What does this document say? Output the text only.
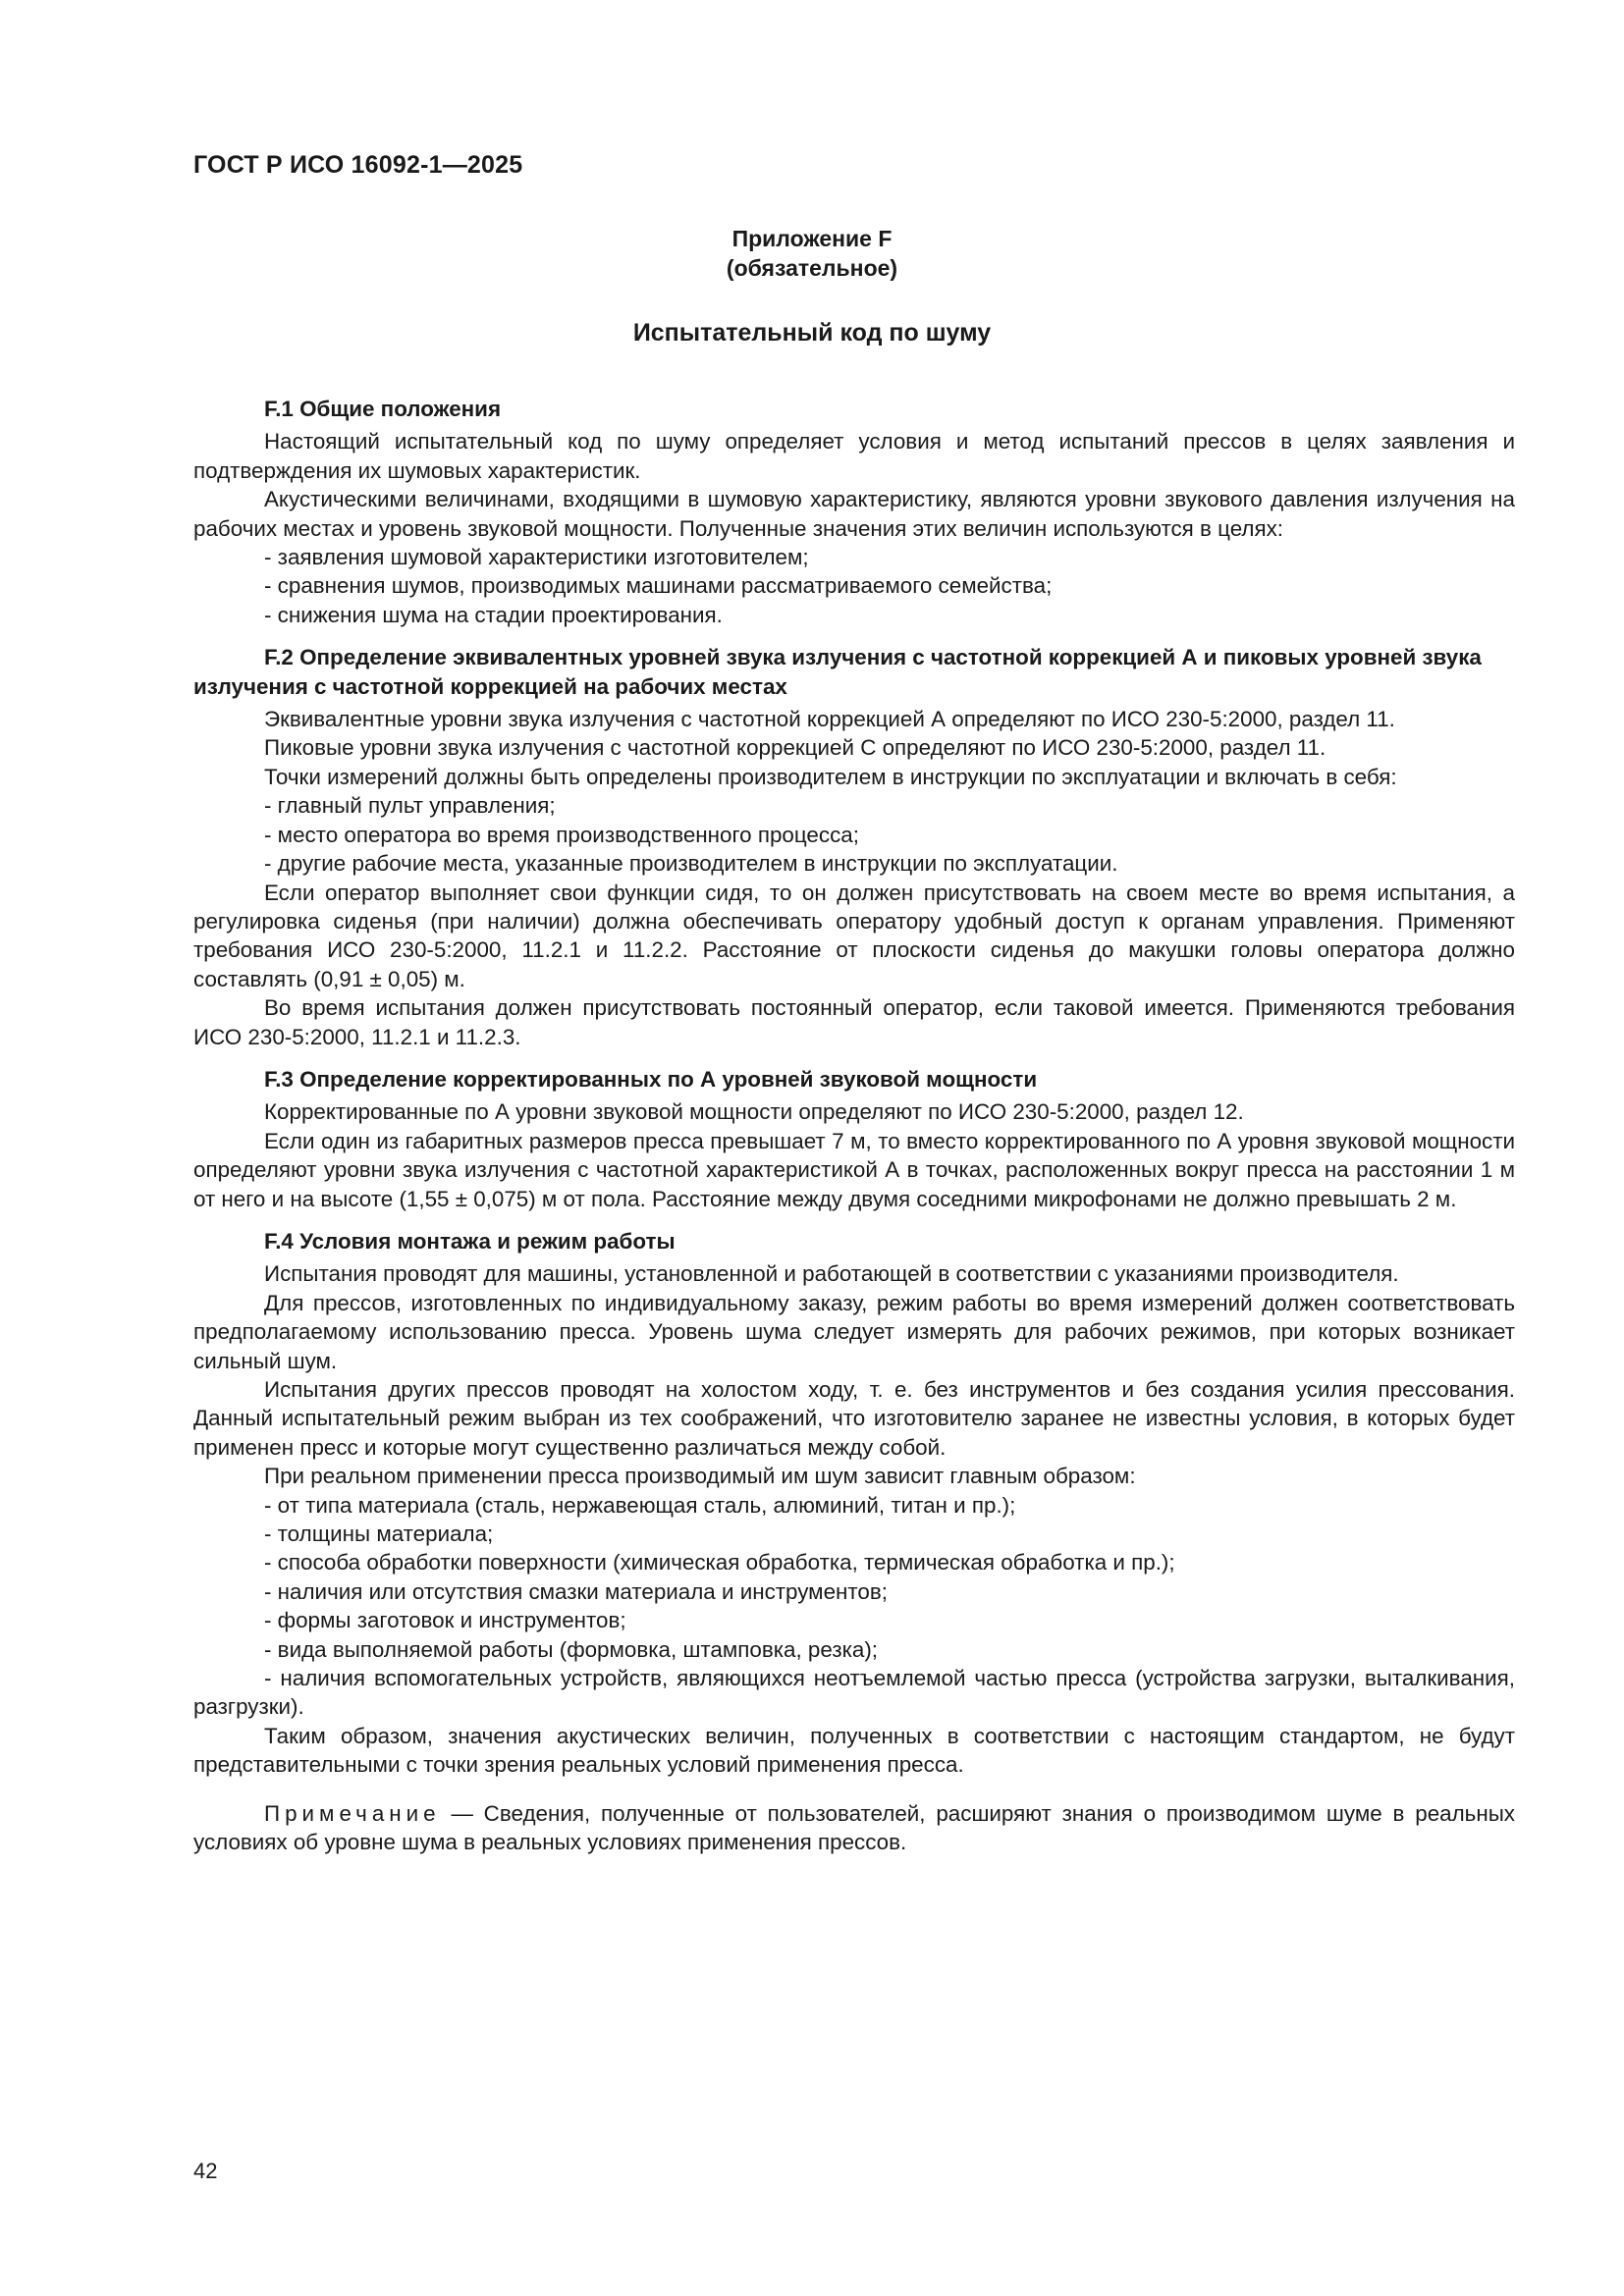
ГОСТ Р ИСО 16092-1—2025
Приложение F
(обязательное)
Испытательный код по шуму
F.1 Общие положения

Настоящий испытательный код по шуму определяет условия и метод испытаний прессов в целях заявления и подтверждения их шумовых характеристик.

Акустическими величинами, входящими в шумовую характеристику, являются уровни звукового давления излучения на рабочих местах и уровень звуковой мощности. Полученные значения этих величин используются в целях:

- заявления шумовой характеристики изготовителем;

- сравнения шумов, производимых машинами рассматриваемого семейства;

- снижения шума на стадии проектирования.

F.2 Определение эквивалентных уровней звука излучения с частотной коррекцией А и пиковых уровней звука излучения с частотной коррекцией на рабочих местах

Эквивалентные уровни звука излучения с частотной коррекцией А определяют по ИСО 230-5:2000, раздел 11.

Пиковые уровни звука излучения с частотной коррекцией С определяют по ИСО 230-5:2000, раздел 11.

Точки измерений должны быть определены производителем в инструкции по эксплуатации и включать в себя:

- главный пульт управления;

- место оператора во время производственного процесса;

- другие рабочие места, указанные производителем в инструкции по эксплуатации.

Если оператор выполняет свои функции сидя, то он должен присутствовать на своем месте во время испытания, а регулировка сиденья (при наличии) должна обеспечивать оператору удобный доступ к органам управления. Применяют требования ИСО 230-5:2000, 11.2.1 и 11.2.2. Расстояние от плоскости сиденья до макушки головы оператора должно составлять (0,91 ± 0,05) м.

Во время испытания должен присутствовать постоянный оператор, если таковой имеется. Применяются требования ИСО 230-5:2000, 11.2.1 и 11.2.3.

F.3 Определение корректированных по А уровней звуковой мощности

Корректированные по А уровни звуковой мощности определяют по ИСО 230-5:2000, раздел 12.

Если один из габаритных размеров пресса превышает 7 м, то вместо корректированного по А уровня звуковой мощности определяют уровни звука излучения с частотной характеристикой А в точках, расположенных вокруг пресса на расстоянии 1 м от него и на высоте (1,55 ± 0,075) м от пола. Расстояние между двумя соседними микрофонами не должно превышать 2 м.

F.4 Условия монтажа и режим работы

Испытания проводят для машины, установленной и работающей в соответствии с указаниями производителя.

Для прессов, изготовленных по индивидуальному заказу, режим работы во время измерений должен соответствовать предполагаемому использованию пресса. Уровень шума следует измерять для рабочих режимов, при которых возникает сильный шум.

Испытания других прессов проводят на холостом ходу, т. е. без инструментов и без создания усилия прессования. Данный испытательный режим выбран из тех соображений, что изготовителю заранее не известны условия, в которых будет применен пресс и которые могут существенно различаться между собой.

При реальном применении пресса производимый им шум зависит главным образом:

- от типа материала (сталь, нержавеющая сталь, алюминий, титан и пр.);

- толщины материала;

- способа обработки поверхности (химическая обработка, термическая обработка и пр.);

- наличия или отсутствия смазки материала и инструментов;

- формы заготовок и инструментов;

- вида выполняемой работы (формовка, штамповка, резка);

- наличия вспомогательных устройств, являющихся неотъемлемой частью пресса (устройства загрузки, выталкивания, разгрузки).

Таким образом, значения акустических величин, полученных в соответствии с настоящим стандартом, не будут представительными с точки зрения реальных условий применения пресса.

Примечание — Сведения, полученные от пользователей, расширяют знания о производимом шуме в реальных условиях об уровне шума в реальных условиях применения прессов.

42
